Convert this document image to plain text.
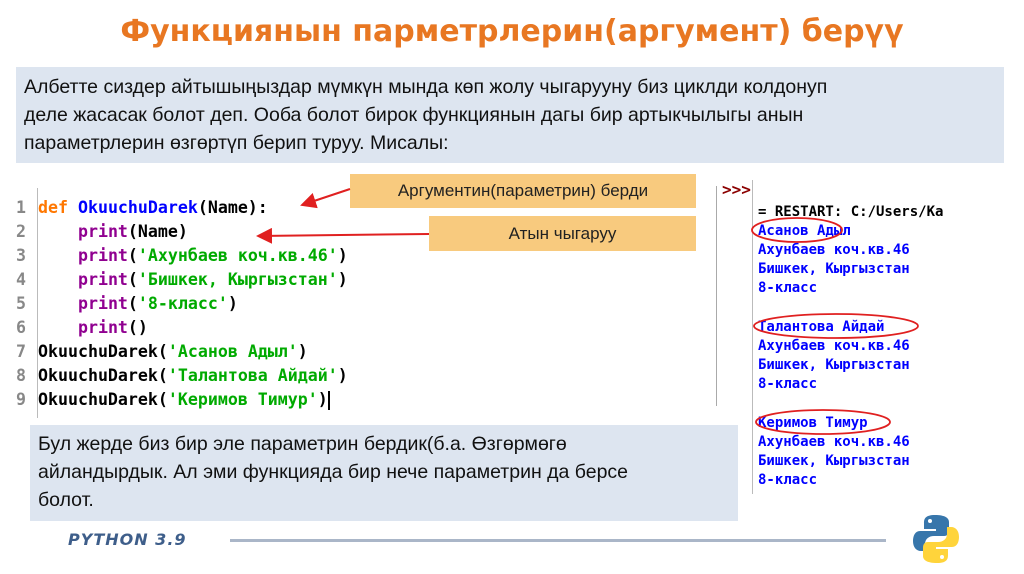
Функциянын парметрлерин(аргумент) берүү
Албетте сиздер айтышыңыздар мүмкүн мында көп жолу чыгарууну биз циклди колдонуп
деле жасасак болот деп. Ооба болот бирок функциянын дагы бир артыкчылыгы анын
параметрлерин өзгөртүп берип туруу. Мисалы:
1 def OkuuchuDarek(Name):
2	print(Name)
3	print('Ахунбаев коч.кв.46')
4	print('Бишкек, Кыргызстан')
5	print('8-класс')
6	print()
7 OkuuchuDarek('Асанов Адыл')
8 OkuuchuDarek('Талантова Айдай')
9 OkuuchuDarek('Керимов Тимур')
Аргументин(параметрин) берди
Атын чыгаруу
>>>
= RESTART: C:/Users/Ka
Асанов Адыл
Ахунбаев коч.кв.46
Бишкек, Кыргызстан
8-класс
Талантова Айдай
Ахунбаев коч.кв.46
Бишкек, Кыргызстан
8-класс
Керимов Тимур
Ахунбаев коч.кв.46
Бишкек, Кыргызстан
8-класс
Бул жерде биз бир эле параметрин бердик(б.а. Өзгөрмөгө
айландырдык. Ал эми функцияда бир нече параметрин да берсе
болот.
PYTHON 3.9
